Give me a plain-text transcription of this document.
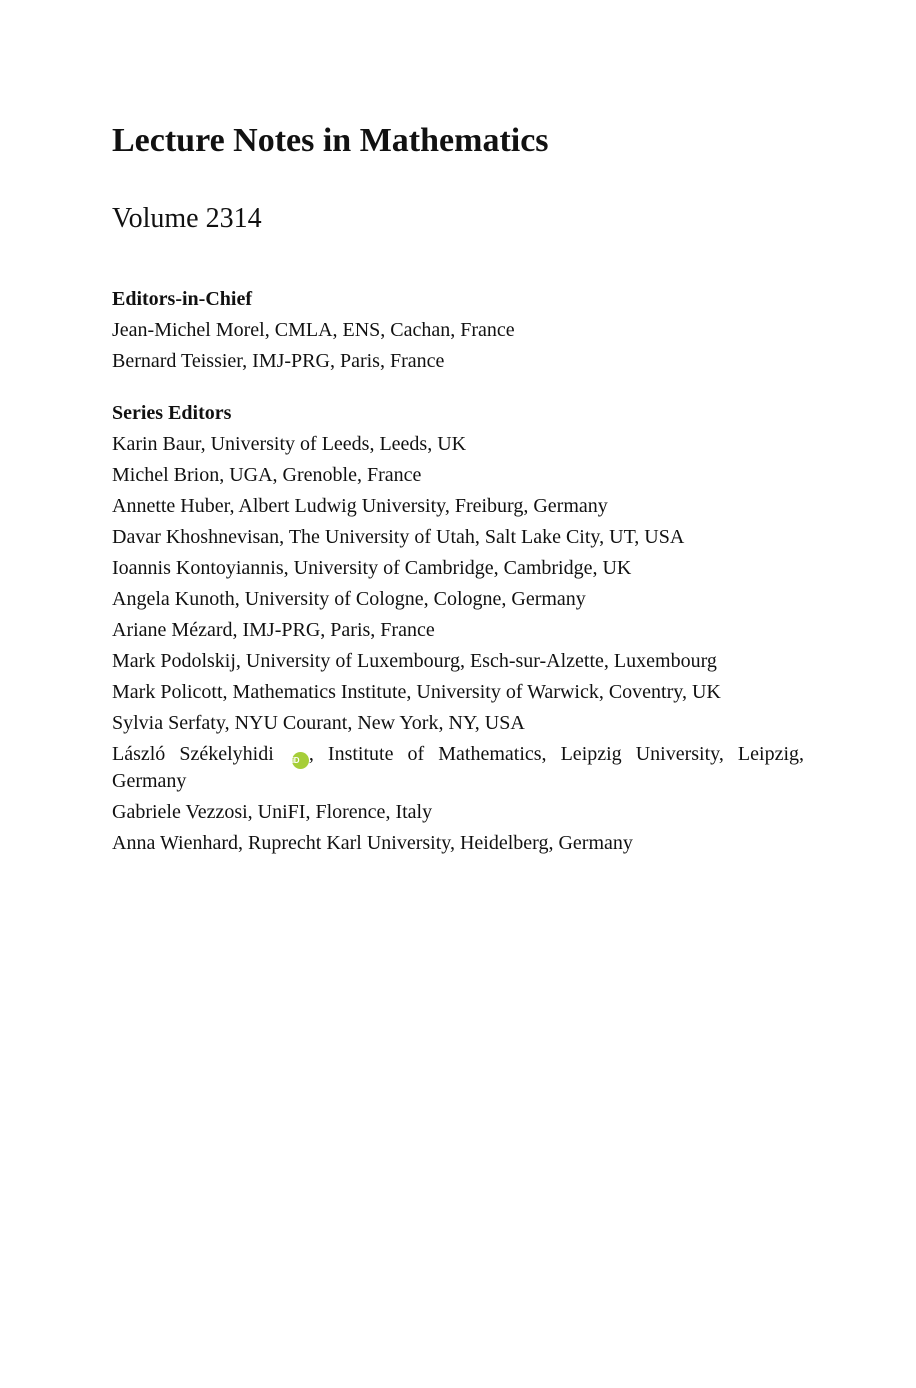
Lecture Notes in Mathematics
Volume 2314
Editors-in-Chief
Jean-Michel Morel, CMLA, ENS, Cachan, France
Bernard Teissier, IMJ-PRG, Paris, France
Series Editors
Karin Baur, University of Leeds, Leeds, UK
Michel Brion, UGA, Grenoble, France
Annette Huber, Albert Ludwig University, Freiburg, Germany
Davar Khoshnevisan, The University of Utah, Salt Lake City, UT, USA
Ioannis Kontoyiannis, University of Cambridge, Cambridge, UK
Angela Kunoth, University of Cologne, Cologne, Germany
Ariane Mézard, IMJ-PRG, Paris, France
Mark Podolskij, University of Luxembourg, Esch-sur-Alzette, Luxembourg
Mark Policott, Mathematics Institute, University of Warwick, Coventry, UK
Sylvia Serfaty, NYU Courant, New York, NY, USA
László Székelyhidi iD , Institute of Mathematics, Leipzig University, Leipzig, Germany
Gabriele Vezzosi, UniFI, Florence, Italy
Anna Wienhard, Ruprecht Karl University, Heidelberg, Germany
